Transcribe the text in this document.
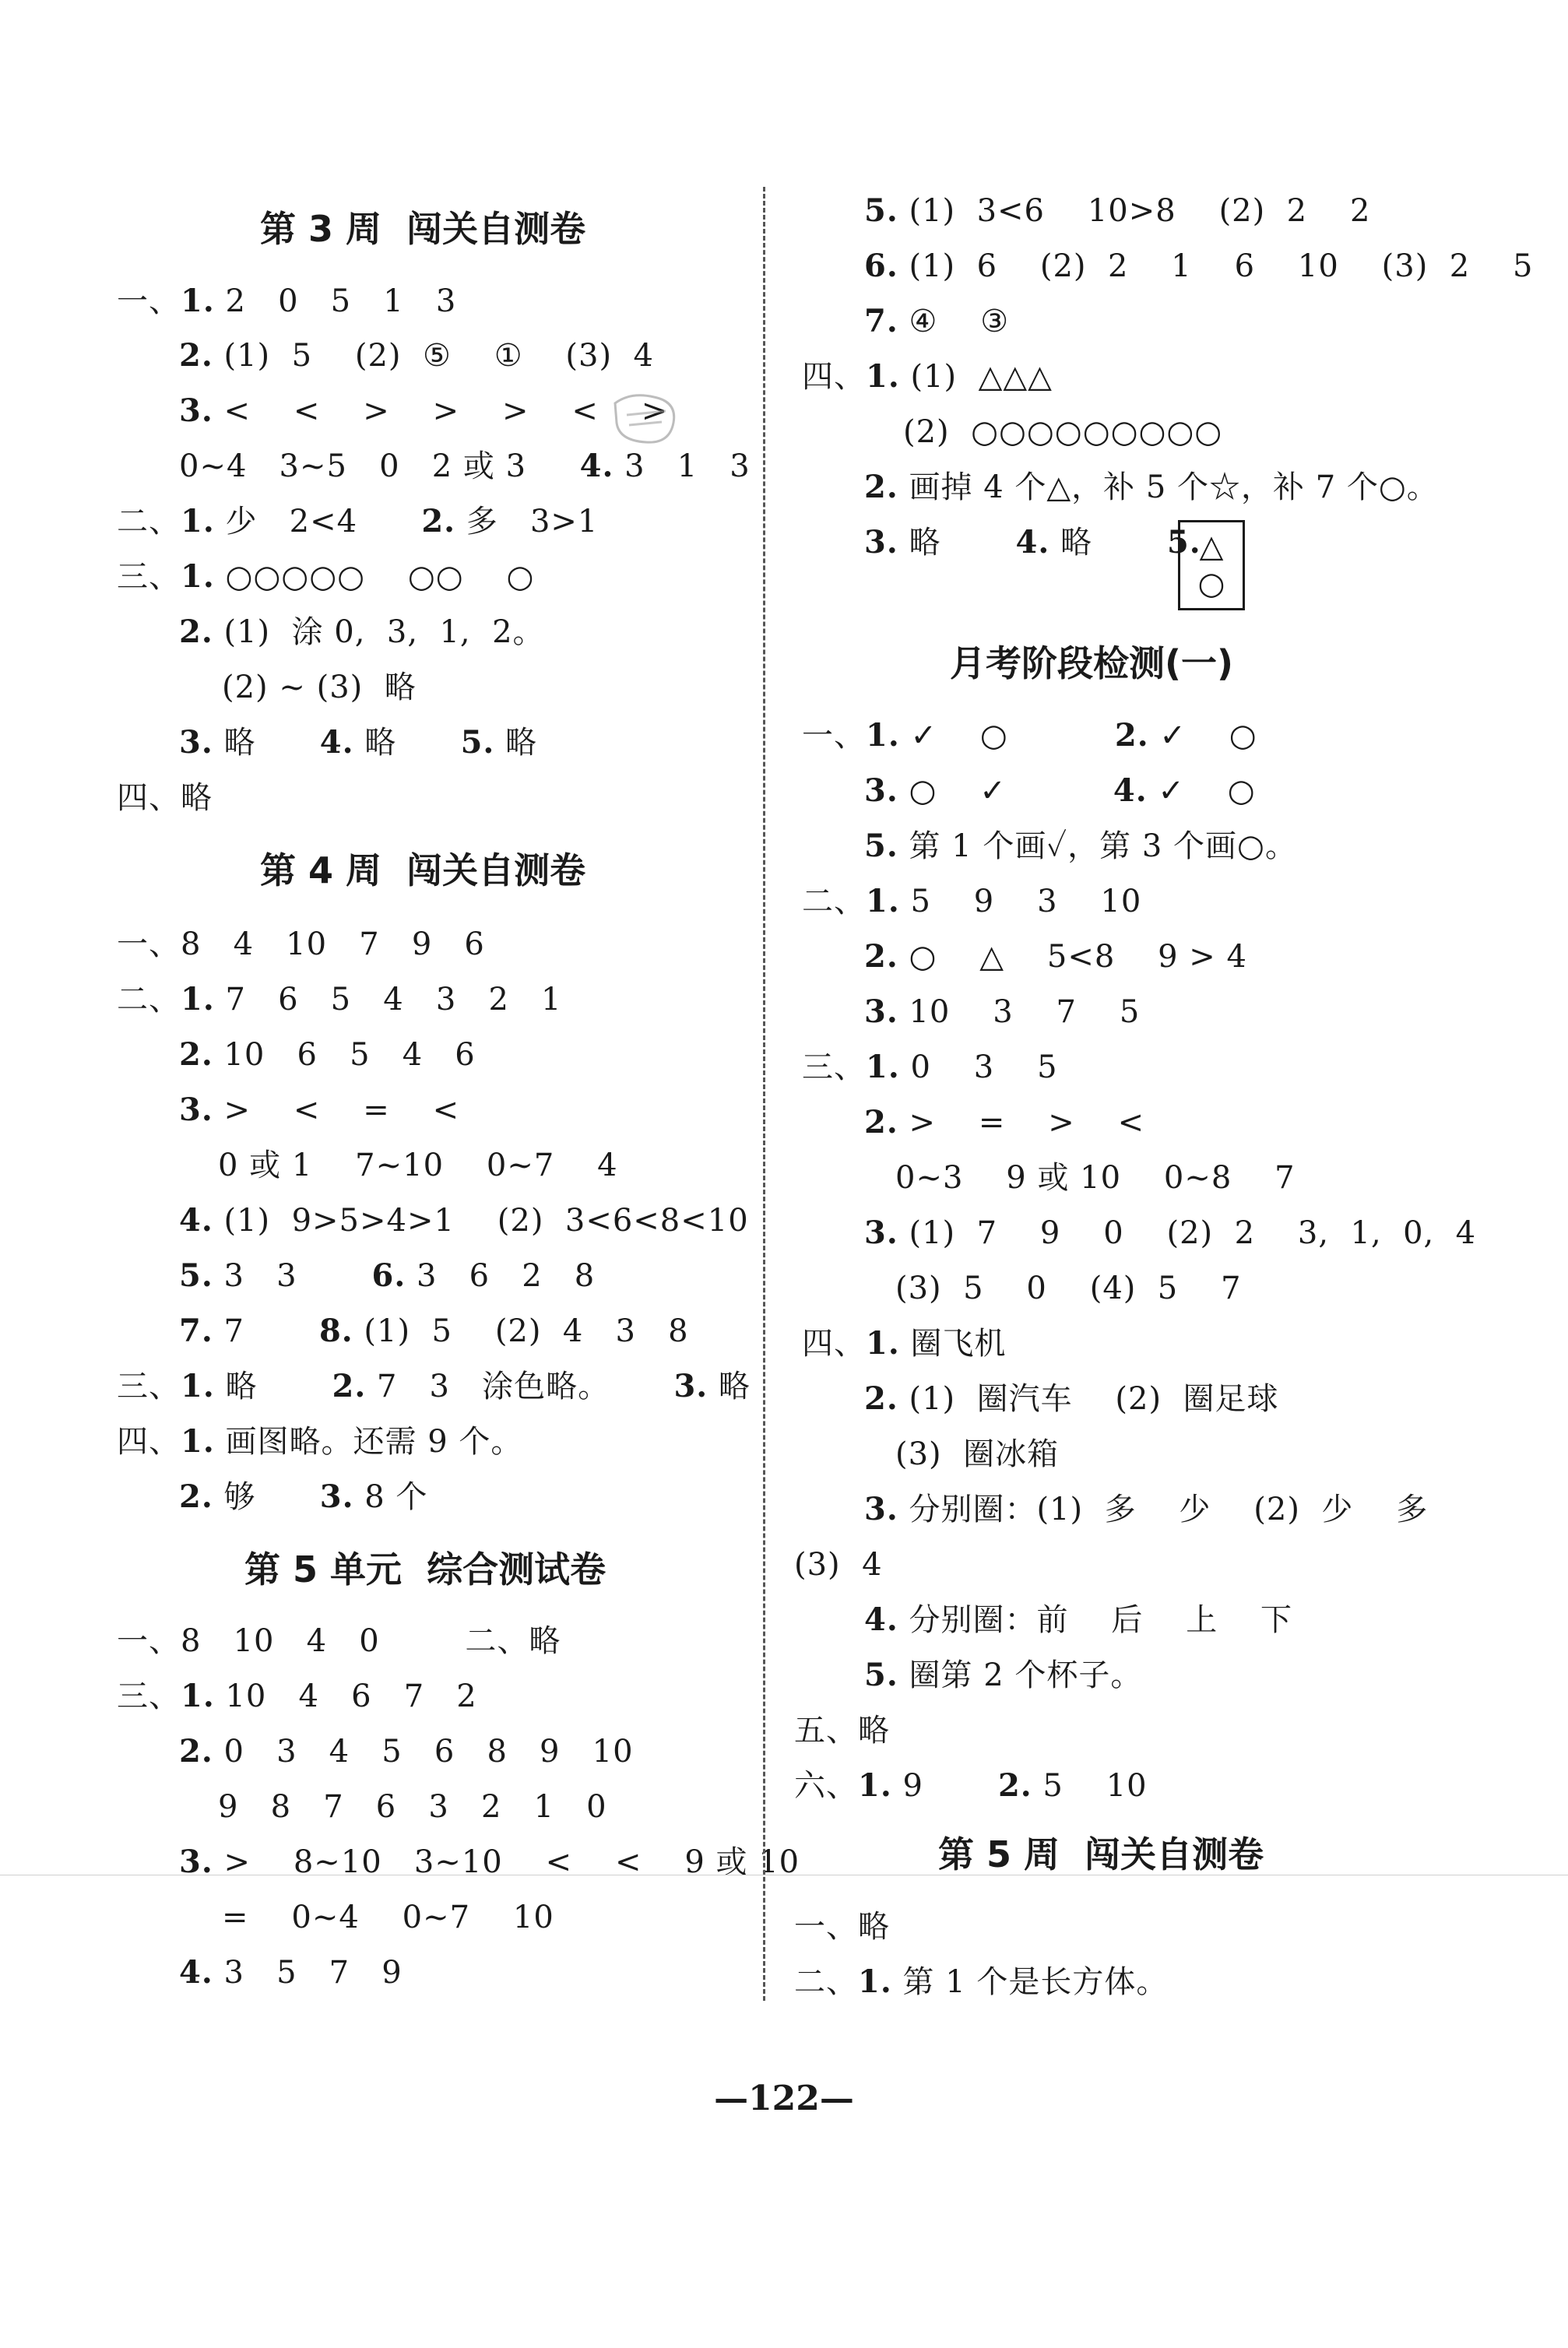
第 3 周  闯关自测卷
一、1. 2   0   5   1   3
2. (1)  5    (2)  ⑤    ①    (3)  4
3. <    <    >    >    >    <    >
0~4   3~5   0   2 或 3     4. 3   1   3
二、1. 少   2<4      2. 多   3>1
三、1. ○○○○○    ○○    ○
2. (1)  涂 0,  3,  1,  2。
(2) ~ (3)  略
3. 略      4. 略      5. 略
四、略
第 4 周  闯关自测卷
一、8   4   10   7   9   6
二、1. 7   6   5   4   3   2   1
2. 10   6   5   4   6
3. >    <    =    <
0 或 1    7~10    0~7    4
4. (1)  9>5>4>1    (2)  3<6<8<10
5. 3   3       6. 3   6   2   8
7. 7       8. (1)  5    (2)  4   3   8
三、1. 略       2. 7   3   涂色略。      3. 略
四、1. 画图略。还需 9 个。
2. 够      3. 8 个
第 5 单元  综合测试卷
一、8   10   4   0        二、略
三、1. 10   4   6   7   2
2. 0   3   4   5   6   8   9   10
9   8   7   6   3   2   1   0
3. >    8~10   3~10    <    <    9 或 10
=    0~4    0~7    10
4. 3   5   7   9
5. (1)  3<6    10>8    (2)  2    2
6. (1)  6    (2)  2    1    6    10    (3)  2    5
7. ④    ③
四、1. (1)  △△△
(2)  ○○○○○○○○○
2. 画掉 4 个△，补 5 个☆，补 7 个○。
3. 略       4. 略       5.
月考阶段检测(一)
一、1. ✓    ○          2. ✓    ○
3. ○    ✓          4. ✓    ○
5. 第 1 个画✓，第 3 个画○。
二、1. 5    9    3    10
2. ○    △    5<8    9 > 4
3. 10    3    7    5
三、1. 0    3    5
2. >    =    >    <
0~3    9 或 10    0~8    7
3. (1)  7    9    0    (2)  2    3,  1,  0,  4
(3)  5    0    (4)  5    7
四、1. 圈飞机
2. (1)  圈汽车    (2)  圈足球
(3)  圈冰箱
3. 分别圈：(1)  多    少    (2)  少    多
(3)  4
4. 分别圈：前    后    上    下
5. 圈第 2 个杯子。
五、略
六、1. 9       2. 5    10
第 5 周  闯关自测卷
一、略
二、1. 第 1 个是长方体。
△
○
—122—
